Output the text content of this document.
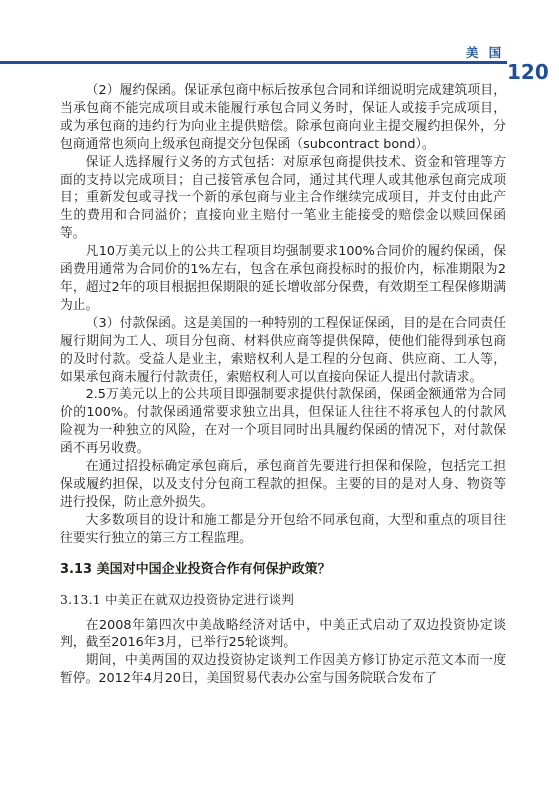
美 国
120

（2）履约保函。保证承包商中标后按承包合同和详细说明完成建筑项目，当承包商不能完成项目或未能履行承包合同义务时，保证人或接手完成项目，或为承包商的违约行为向业主提供赔偿。除承包商向业主提交履约担保外，分包商通常也须向上级承包商提交分包保函（subcontract bond）。

保证人选择履行义务的方式包括：对原承包商提供技术、资金和管理等方面的支持以完成项目；自己接管承包合同，通过其代理人或其他承包商完成项目；重新发包或寻找一个新的承包商与业主合作继续完成项目，并支付由此产生的费用和合同溢价；直接向业主赔付一笔业主能接受的赔偿金以赎回保函等。

凡10万美元以上的公共工程项目均强制要求100%合同价的履约保函，保函费用通常为合同价的1%左右，包含在承包商投标时的报价内，标准期限为2年，超过2年的项目根据担保期限的延长增收部分保费，有效期至工程保修期满为止。

（3）付款保函。这是美国的一种特别的工程保证保函，目的是在合同责任履行期间为工人、项目分包商、材料供应商等提供保障，使他们能得到承包商的及时付款。受益人是业主，索赔权利人是工程的分包商、供应商、工人等，如果承包商未履行付款责任，索赔权利人可以直接向保证人提出付款请求。

2.5万美元以上的公共项目即强制要求提供付款保函，保函金额通常为合同价的100%。付款保函通常要求独立出具，但保证人往往不将承包人的付款风险视为一种独立的风险，在对一个项目同时出具履约保函的情况下，对付款保函不再另收费。

在通过招投标确定承包商后，承包商首先要进行担保和保险，包括完工担保或履约担保，以及支付分包商工程款的担保。主要的目的是对人身、物资等进行投保，防止意外损失。

大多数项目的设计和施工都是分开包给不同承包商，大型和重点的项目往往要实行独立的第三方工程监理。

3.13 美国对中国企业投资合作有何保护政策？
3.13.1 中美正在就双边投资协定进行谈判

在2008年第四次中美战略经济对话中，中美正式启动了双边投资协定谈判，截至2016年3月，已举行25轮谈判。

期间，中美两国的双边投资协定谈判工作因美方修订协定示范文本而一度暂停。2012年4月20日，美国贸易代表办公室与国务院联合发布了
